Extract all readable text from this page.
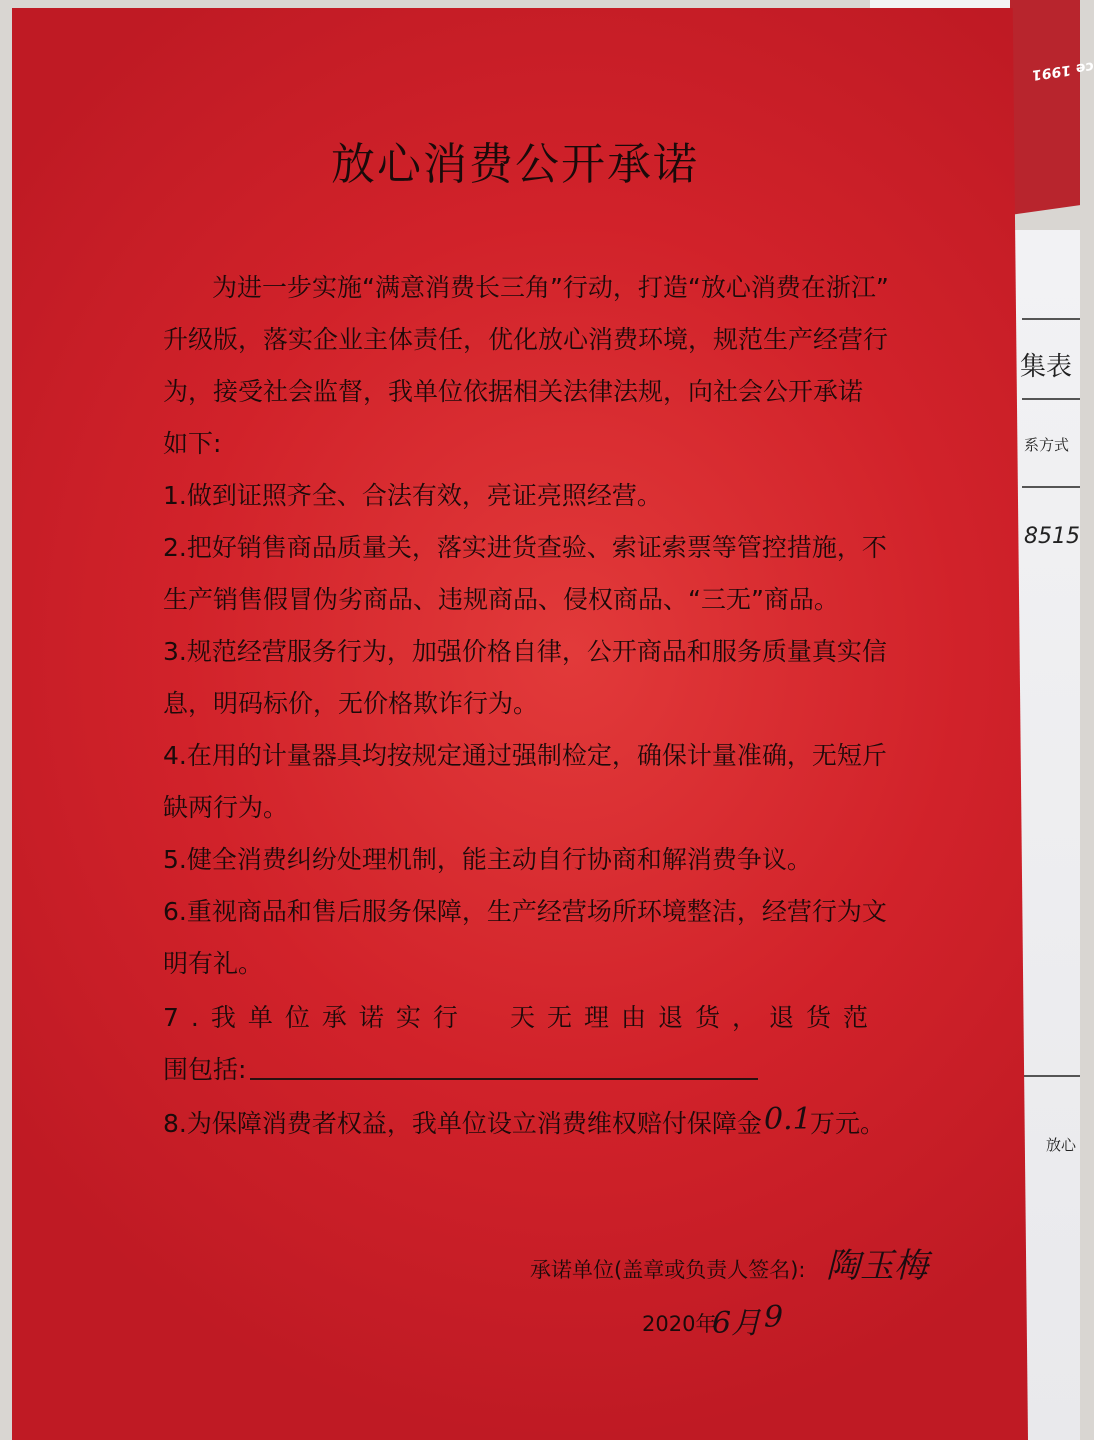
ce 1991
集表
系方式
8515
放心
放心消费公开承诺
为进一步实施“满意消费长三角”行动，打造“放心消费在浙江”
升级版，落实企业主体责任，优化放心消费环境，规范生产经营行
为，接受社会监督，我单位依据相关法律法规，向社会公开承诺
如下:
1.做到证照齐全、合法有效，亮证亮照经营。
2.把好销售商品质量关，落实进货查验、索证索票等管控措施，不
生产销售假冒伪劣商品、违规商品、侵权商品、“三无”商品。
3.规范经营服务行为，加强价格自律，公开商品和服务质量真实信
息，明码标价，无价格欺诈行为。
4.在用的计量器具均按规定通过强制检定，确保计量准确，无短斤
缺两行为。
5.健全消费纠纷处理机制，能主动自行协商和解消费争议。
6.重视商品和售后服务保障，生产经营场所环境整洁，经营行为文
明有礼。
7.我单位承诺实行 天无理由退货，退货范
围包括:
8.为保障消费者权益，我单位设立消费维权赔付保障金 0.1
万元。
承诺单位(盖章或负责人签名): 陶玉梅
2020年
6月 9
